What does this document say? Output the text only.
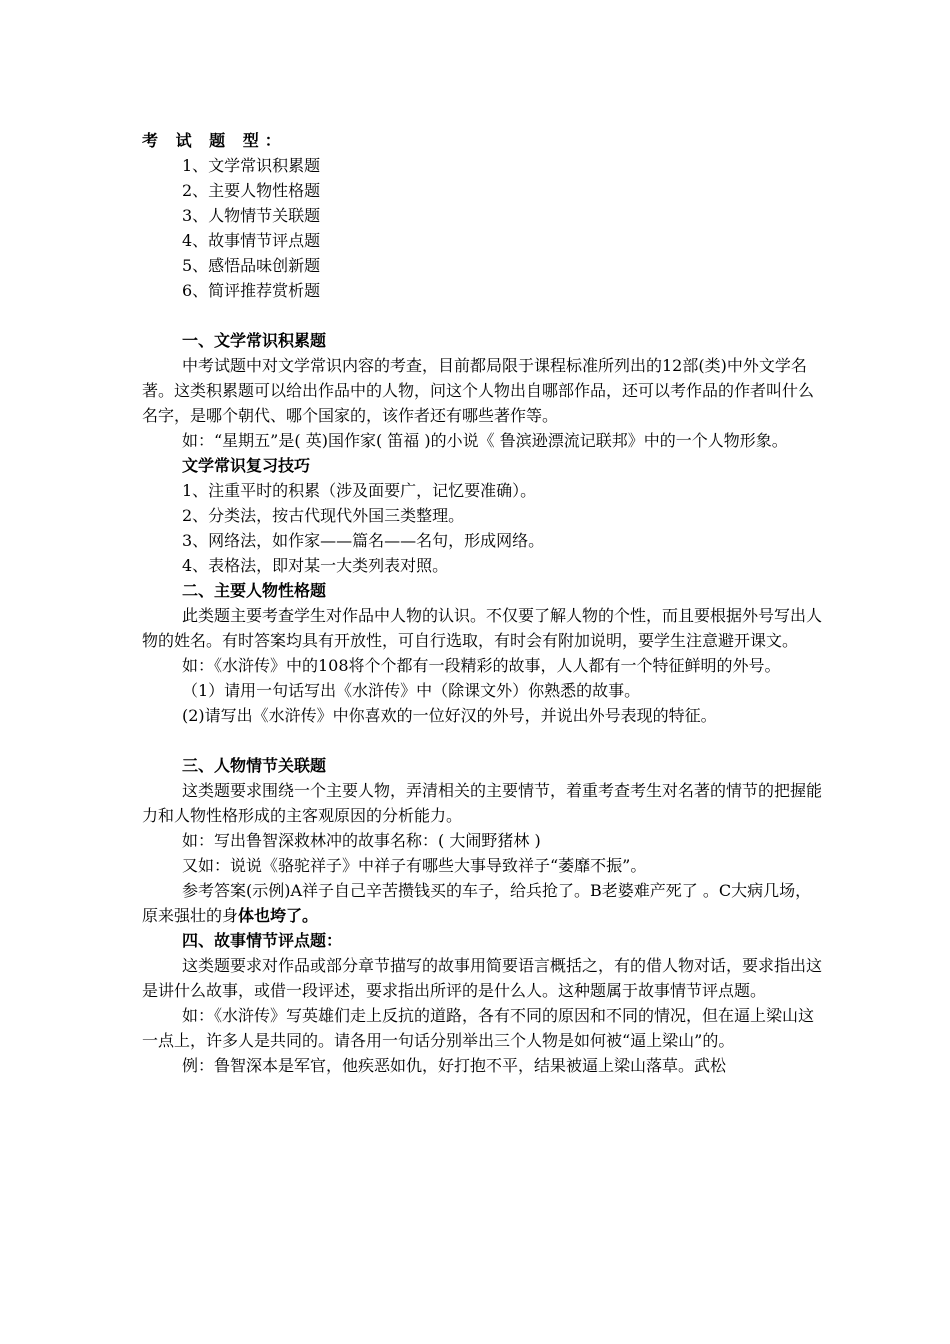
考 试 题 型：

1、文学常识积累题

2、主要人物性格题

3、人物情节关联题

4、故事情节评点题

5、感悟品味创新题

6、简评推荐赏析题

一、文学常识积累题

中考试题中对文学常识内容的考查，目前都局限于课程标准所列出的12部(类)中外文学名著。这类积累题可以给出作品中的人物，问这个人物出自哪部作品，还可以考作品的作者叫什么名字，是哪个朝代、哪个国家的，该作者还有哪些著作等。

如：“星期五”是( 英)国作家( 笛福 )的小说《 鲁滨逊漂流记联邦》中的一个人物形象。

文学常识复习技巧

1、注重平时的积累（涉及面要广，记忆要准确）。

2、分类法，按古代现代外国三类整理。

3、网络法，如作家——篇名——名句，形成网络。

4、表格法，即对某一大类列表对照。

二、主要人物性格题

此类题主要考查学生对作品中人物的认识。不仅要了解人物的个性，而且要根据外号写出人物的姓名。有时答案均具有开放性，可自行选取，有时会有附加说明，要学生注意避开课文。

如：《水浒传》中的108将个个都有一段精彩的故事，人人都有一个特征鲜明的外号。

（1）请用一句话写出《水浒传》中（除课文外）你熟悉的故事。

(2)请写出《水浒传》中你喜欢的一位好汉的外号，并说出外号表现的特征。

三、人物情节关联题

这类题要求围绕一个主要人物，弄清相关的主要情节，着重考查考生对名著的情节的把握能力和人物性格形成的主客观原因的分析能力。

如：写出鲁智深救林冲的故事名称：( 大闹野猪林 )

又如：说说《骆驼祥子》中祥子有哪些大事导致祥子“萎靡不振”。

参考答案(示例)A祥子自己辛苦攒钱买的车子，给兵抢了。B老婆难产死了 。C大病几场，原来强壮的身体也垮了。

四、故事情节评点题：

这类题要求对作品或部分章节描写的故事用简要语言概括之，有的借人物对话，要求指出这是讲什么故事，或借一段评述，要求指出所评的是什么人。这种题属于故事情节评点题。

如：《水浒传》写英雄们走上反抗的道路，各有不同的原因和不同的情况，但在逼上梁山这一点上，许多人是共同的。请各用一句话分别举出三个人物是如何被“逼上梁山”的。

例：鲁智深本是军官，他疾恶如仇，好打抱不平，结果被逼上梁山落草。武松
